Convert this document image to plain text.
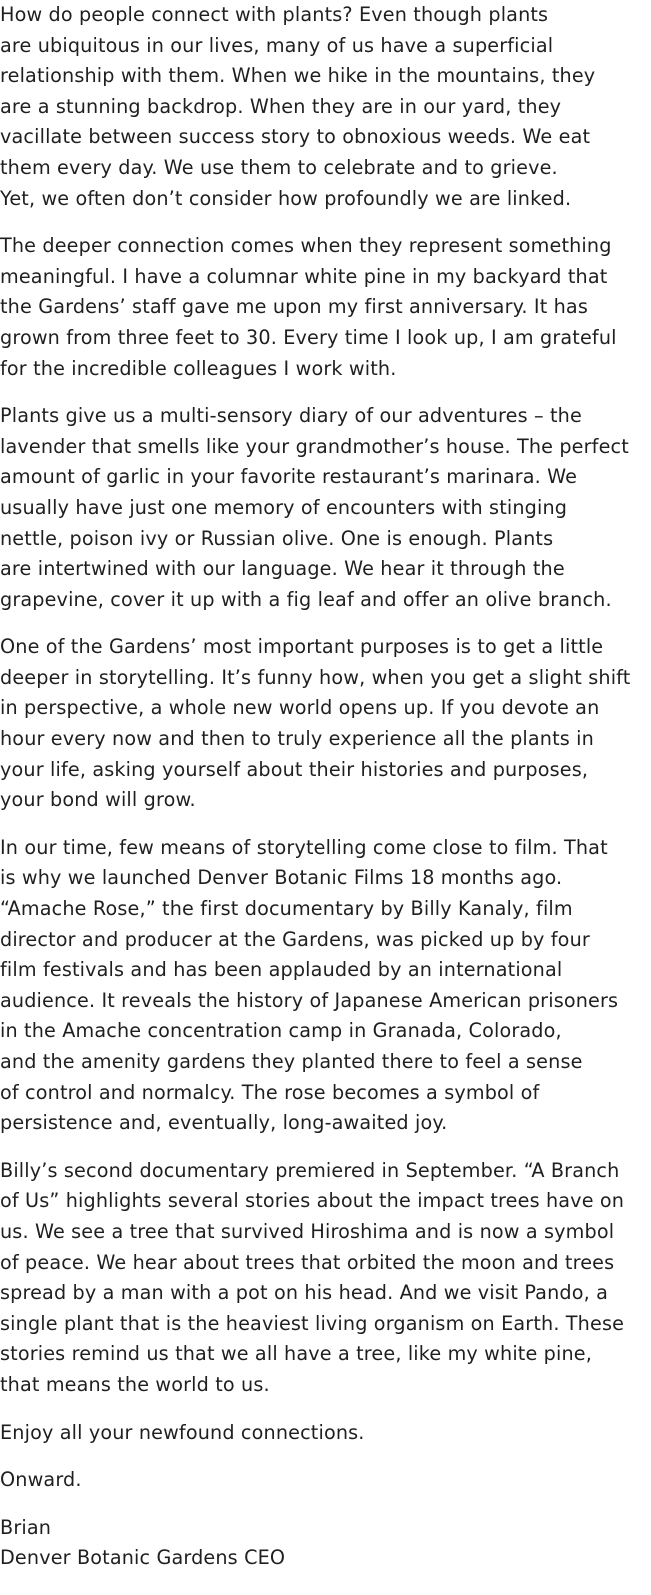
How do people connect with plants? Even though plants
are ubiquitous in our lives, many of us have a superficial
relationship with them. When we hike in the mountains, they
are a stunning backdrop. When they are in our yard, they
vacillate between success story to obnoxious weeds. We eat
them every day. We use them to celebrate and to grieve.
Yet, we often don’t consider how profoundly we are linked.

The deeper connection comes when they represent something
meaningful. I have a columnar white pine in my backyard that
the Gardens’ staff gave me upon my first anniversary. It has
grown from three feet to 30. Every time I look up, I am grateful
for the incredible colleagues I work with.

Plants give us a multi-sensory diary of our adventures – the
lavender that smells like your grandmother’s house. The perfect
amount of garlic in your favorite restaurant’s marinara. We
usually have just one memory of encounters with stinging
nettle, poison ivy or Russian olive. One is enough. Plants
are intertwined with our language. We hear it through the
grapevine, cover it up with a fig leaf and offer an olive branch.

One of the Gardens’ most important purposes is to get a little
deeper in storytelling. It’s funny how, when you get a slight shift
in perspective, a whole new world opens up. If you devote an
hour every now and then to truly experience all the plants in
your life, asking yourself about their histories and purposes,
your bond will grow.

In our time, few means of storytelling come close to film. That
is why we launched Denver Botanic Films 18 months ago.
“Amache Rose,” the first documentary by Billy Kanaly, film
director and producer at the Gardens, was picked up by four
film festivals and has been applauded by an international
audience. It reveals the history of Japanese American prisoners
in the Amache concentration camp in Granada, Colorado,
and the amenity gardens they planted there to feel a sense
of control and normalcy. The rose becomes a symbol of
persistence and, eventually, long-awaited joy.

Billy’s second documentary premiered in September. “A Branch
of Us” highlights several stories about the impact trees have on
us. We see a tree that survived Hiroshima and is now a symbol
of peace. We hear about trees that orbited the moon and trees
spread by a man with a pot on his head. And we visit Pando, a
single plant that is the heaviest living organism on Earth. These
stories remind us that we all have a tree, like my white pine,
that means the world to us.

Enjoy all your newfound connections.

Onward.

Brian
Denver Botanic Gardens CEO
